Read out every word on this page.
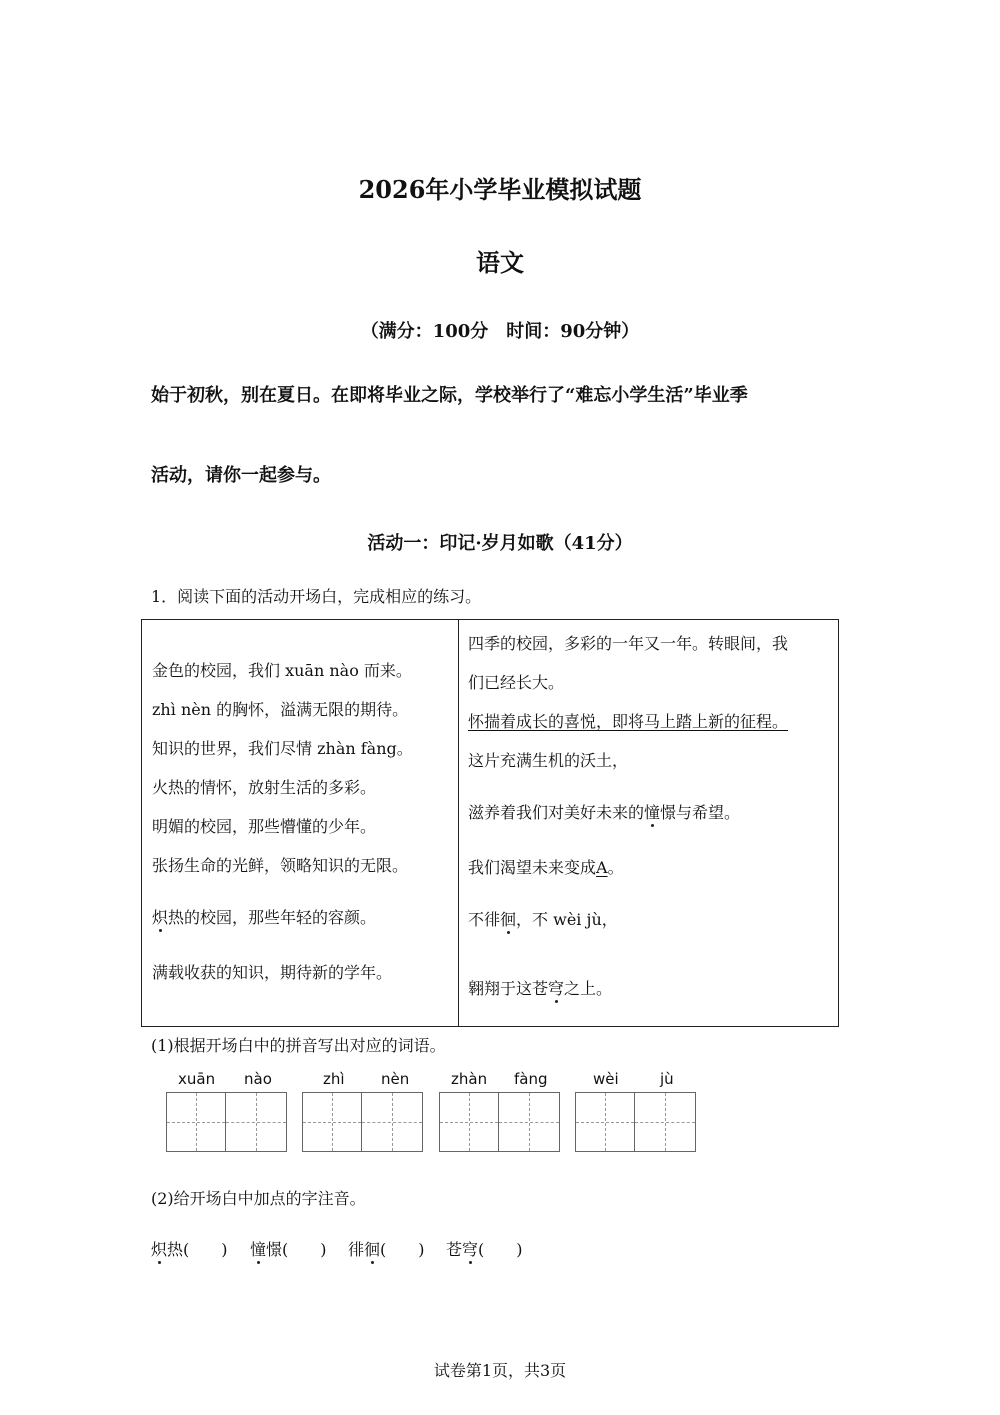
2026年小学毕业模拟试题
语文
（满分：100分　时间：90分钟）
始于初秋，别在夏日。在即将毕业之际，学校举行了“难忘小学生活”毕业季
活动，请你一起参与。
活动一：印记·岁月如歌（41分）
1．阅读下面的活动开场白，完成相应的练习。
金色的校园，我们 xuān nào 而来。
zhì nèn 的胸怀，溢满无限的期待。
知识的世界，我们尽情 zhàn fàng。
火热的情怀，放射生活的多彩。
明媚的校园，那些懵懂的少年。
张扬生命的光鲜，领略知识的无限。
炽热的校园，那些年轻的容颜。
满载收获的知识，期待新的学年。
四季的校园，多彩的一年又一年。转眼间，我
们已经长大。
怀揣着成长的喜悦，即将马上踏上新的征程。
这片充满生机的沃土，
滋养着我们对美好未来的憧憬与希望。
我们渴望未来变成A。
不徘徊，不 wèi jù，
翱翔于这苍穹之上。
(1)根据开场白中的拼音写出对应的词语。
xuān nào	zhì nèn	zhàn fàng	wèi	jù
(2)给开场白中加点的字注音。
炽热(　　) 憧憬(　　) 徘徊(　　) 苍穹(　　)
试卷第1页，共3页
